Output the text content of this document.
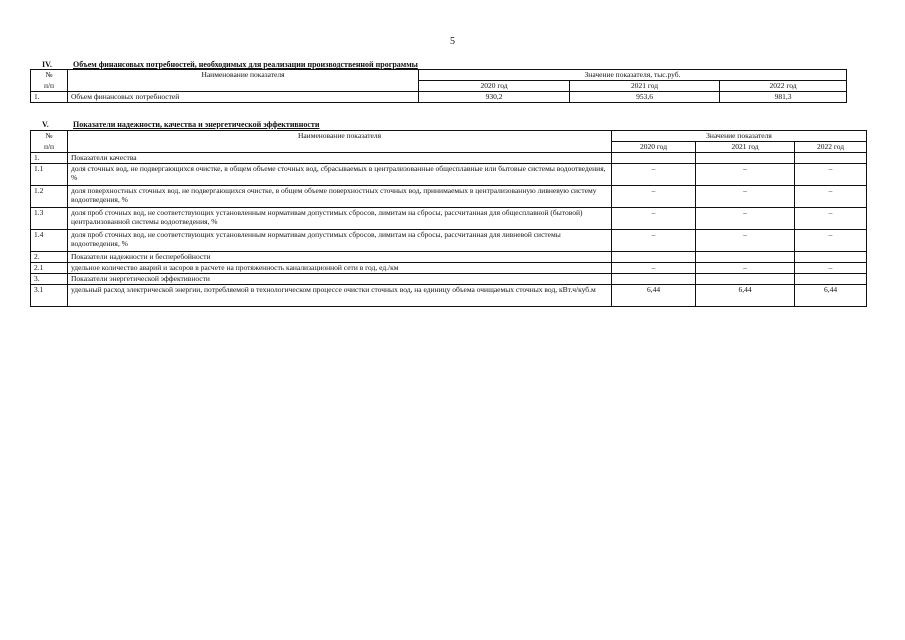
5
IV.	Объем финансовых потребностей, необходимых для реализации производственной программы
№	Наименование показателя	Значение показателя, тыс.руб.		
п/п		2020 год	2021 год	2022 год
1.	Объем финансовых потребностей	930,2	953,6	981,3
V.	Показатели надежности, качества и энергетической эффективности
№	Наименование показателя	Значение показателя		
п/п		2020 год	2021 год	2022 год
1.	Показатели качества			
1.1	доля сточных вод, не подвергающихся очистке, в общем объеме сточных вод, сбрасываемых в централизованные общесплавные или бытовые системы водоотведения, %	–	–	–
1.2	доля поверхностных сточных вод, не подвергающихся очистке, в общем объеме поверхностных сточных вод, принимаемых в централизованную ливневую систему водоотведения, %	–	–	–
1.3	доля проб сточных вод, не соответствующих установленным нормативам допустимых сбросов, лимитам на сбросы, рассчитанная для общесплавной (бытовой) централизованной системы водоотведения, %	–	–	–
1.4	доля проб сточных вод, не соответствующих установленным нормативам допустимых сбросов, лимитам на сбросы, рассчитанная для ливневой системы водоотведения, %	–	–	–
2.	Показатели надежности и бесперебойности			
2.1	удельное количество аварий и засоров в расчете на протяженность канализационной сети в год, ед./км	–	–	–
3.	Показатели энергетической эффективности			
3.1	удельный расход электрической энергии, потребляемой в технологическом процессе очистки сточных вод, на единицу объема очищаемых сточных вод, кВт.ч/куб.м	6,44	6,44	6,44
